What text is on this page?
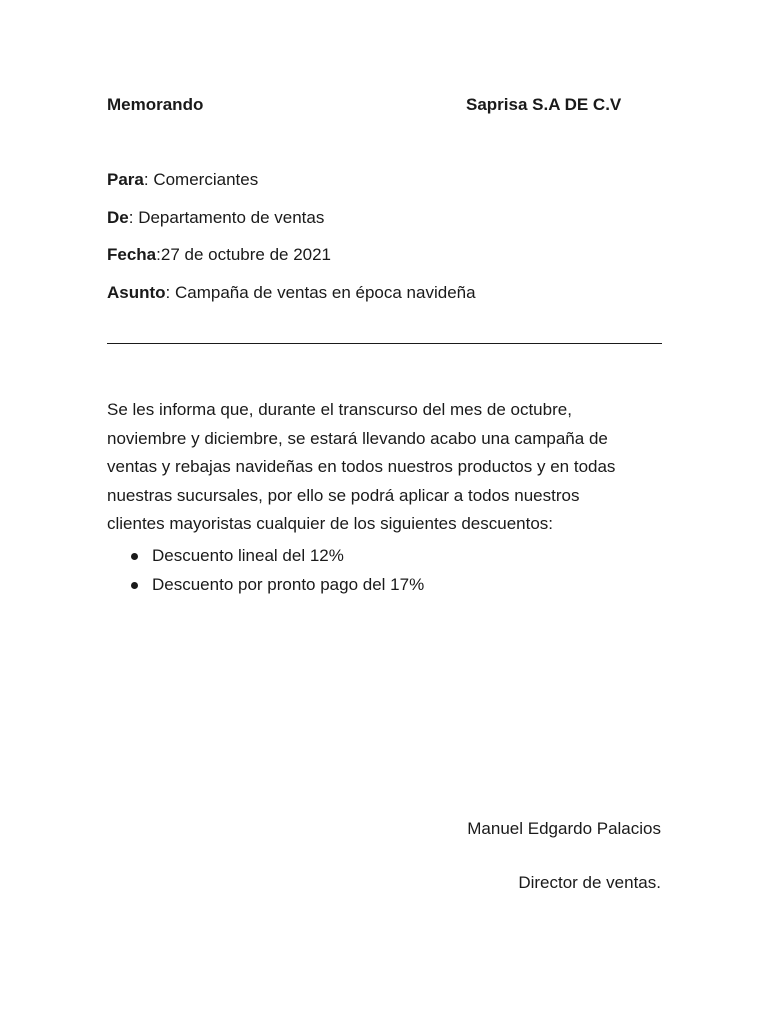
Memorando	Saprisa S.A DE C.V
Para: Comerciantes
De: Departamento de ventas
Fecha:27 de octubre de 2021
Asunto: Campaña de ventas en época navideña
Se les informa que, durante el transcurso del mes de octubre,
noviembre y diciembre, se estará llevando acabo una campaña de
ventas y rebajas navideñas en todos nuestros productos y en todas
nuestras sucursales, por ello se podrá aplicar a todos nuestros
clientes mayoristas cualquier de los siguientes descuentos:
Descuento lineal del 12%
Descuento por pronto pago del 17%
Manuel Edgardo Palacios
Director de ventas.
